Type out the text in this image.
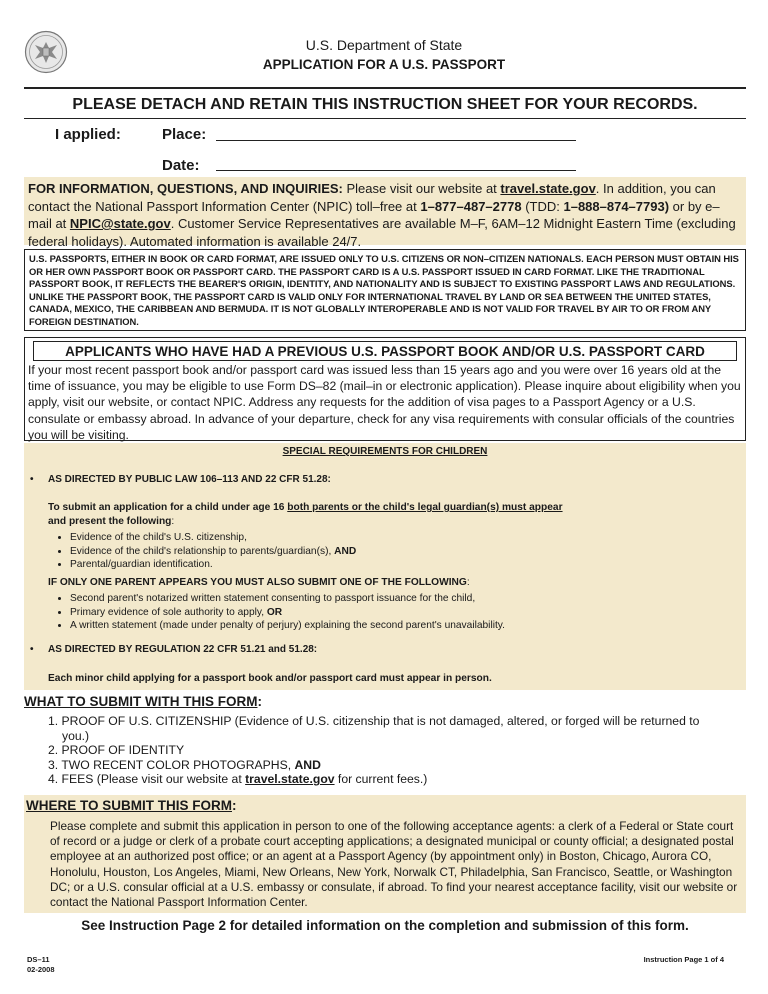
U.S. Department of State
APPLICATION FOR A U.S. PASSPORT
PLEASE DETACH AND RETAIN THIS INSTRUCTION SHEET FOR YOUR RECORDS.
I applied:	Place:
Date:
FOR INFORMATION, QUESTIONS, AND INQUIRIES: Please visit our website at travel.state.gov. In addition, you can contact the National Passport Information Center (NPIC) toll–free at 1–877–487–2778 (TDD: 1–888–874–7793) or by e–mail at NPIC@state.gov. Customer Service Representatives are available M–F, 6AM–12 Midnight Eastern Time (excluding federal holidays). Automated information is available 24/7.
U.S. PASSPORTS, EITHER IN BOOK OR CARD FORMAT, ARE ISSUED ONLY TO U.S. CITIZENS OR NON–CITIZEN NATIONALS. EACH PERSON MUST OBTAIN HIS OR HER OWN PASSPORT BOOK OR PASSPORT CARD. THE PASSPORT CARD IS A U.S. PASSPORT ISSUED IN CARD FORMAT. LIKE THE TRADITIONAL PASSPORT BOOK, IT REFLECTS THE BEARER'S ORIGIN, IDENTITY, AND NATIONALITY AND IS SUBJECT TO EXISTING PASSPORT LAWS AND REGULATIONS. UNLIKE THE PASSPORT BOOK, THE PASSPORT CARD IS VALID ONLY FOR INTERNATIONAL TRAVEL BY LAND OR SEA BETWEEN THE UNITED STATES, CANADA, MEXICO, THE CARIBBEAN AND BERMUDA. IT IS NOT GLOBALLY INTEROPERABLE AND IS NOT VALID FOR TRAVEL BY AIR TO OR FROM ANY FOREIGN DESTINATION.
APPLICANTS WHO HAVE HAD A PREVIOUS U.S. PASSPORT BOOK AND/OR U.S. PASSPORT CARD
If your most recent passport book and/or passport card was issued less than 15 years ago and you were over 16 years old at the time of issuance, you may be eligible to use Form DS–82 (mail–in or electronic application). Please inquire about eligibility when you apply, visit our website, or contact NPIC. Address any requests for the addition of visa pages to a Passport Agency or a U.S. consulate or embassy abroad. In advance of your departure, check for any visa requirements with consular officials of the countries you will be visiting.
SPECIAL REQUIREMENTS FOR CHILDREN
• AS DIRECTED BY PUBLIC LAW 106–113 AND 22 CFR 51.28:
To submit an application for a child under age 16 both parents or the child's legal guardian(s) must appear
and present the following:
• Evidence of the child's U.S. citizenship,
• Evidence of the child's relationship to parents/guardian(s), AND
• Parental/guardian identification.
IF ONLY ONE PARENT APPEARS YOU MUST ALSO SUBMIT ONE OF THE FOLLOWING:
• Second parent's notarized written statement consenting to passport issuance for the child,
• Primary evidence of sole authority to apply, OR
• A written statement (made under penalty of perjury) explaining the second parent's unavailability.
• AS DIRECTED BY REGULATION 22 CFR 51.21 and 51.28:
Each minor child applying for a passport book and/or passport card must appear in person.
WHAT TO SUBMIT WITH THIS FORM:
1. PROOF OF U.S. CITIZENSHIP (Evidence of U.S. citizenship that is not damaged, altered, or forged will be returned to
you.)
2. PROOF OF IDENTITY
3. TWO RECENT COLOR PHOTOGRAPHS, AND
4. FEES (Please visit our website at travel.state.gov for current fees.)
WHERE TO SUBMIT THIS FORM:
Please complete and submit this application in person to one of the following acceptance agents: a clerk of a Federal or State court of record or a judge or clerk of a probate court accepting applications; a designated municipal or county official; a designated postal employee at an authorized post office; or an agent at a Passport Agency (by appointment only) in Boston, Chicago, Aurora CO, Honolulu, Houston, Los Angeles, Miami, New Orleans, New York, Norwalk CT, Philadelphia, San Francisco, Seattle, or Washington DC; or a U.S. consular official at a U.S. embassy or consulate, if abroad. To find your nearest acceptance facility, visit our website or contact the National Passport Information Center.
See Instruction Page 2 for detailed information on the completion and submission of this form.
DS–11
02-2008
Instruction Page 1 of 4
